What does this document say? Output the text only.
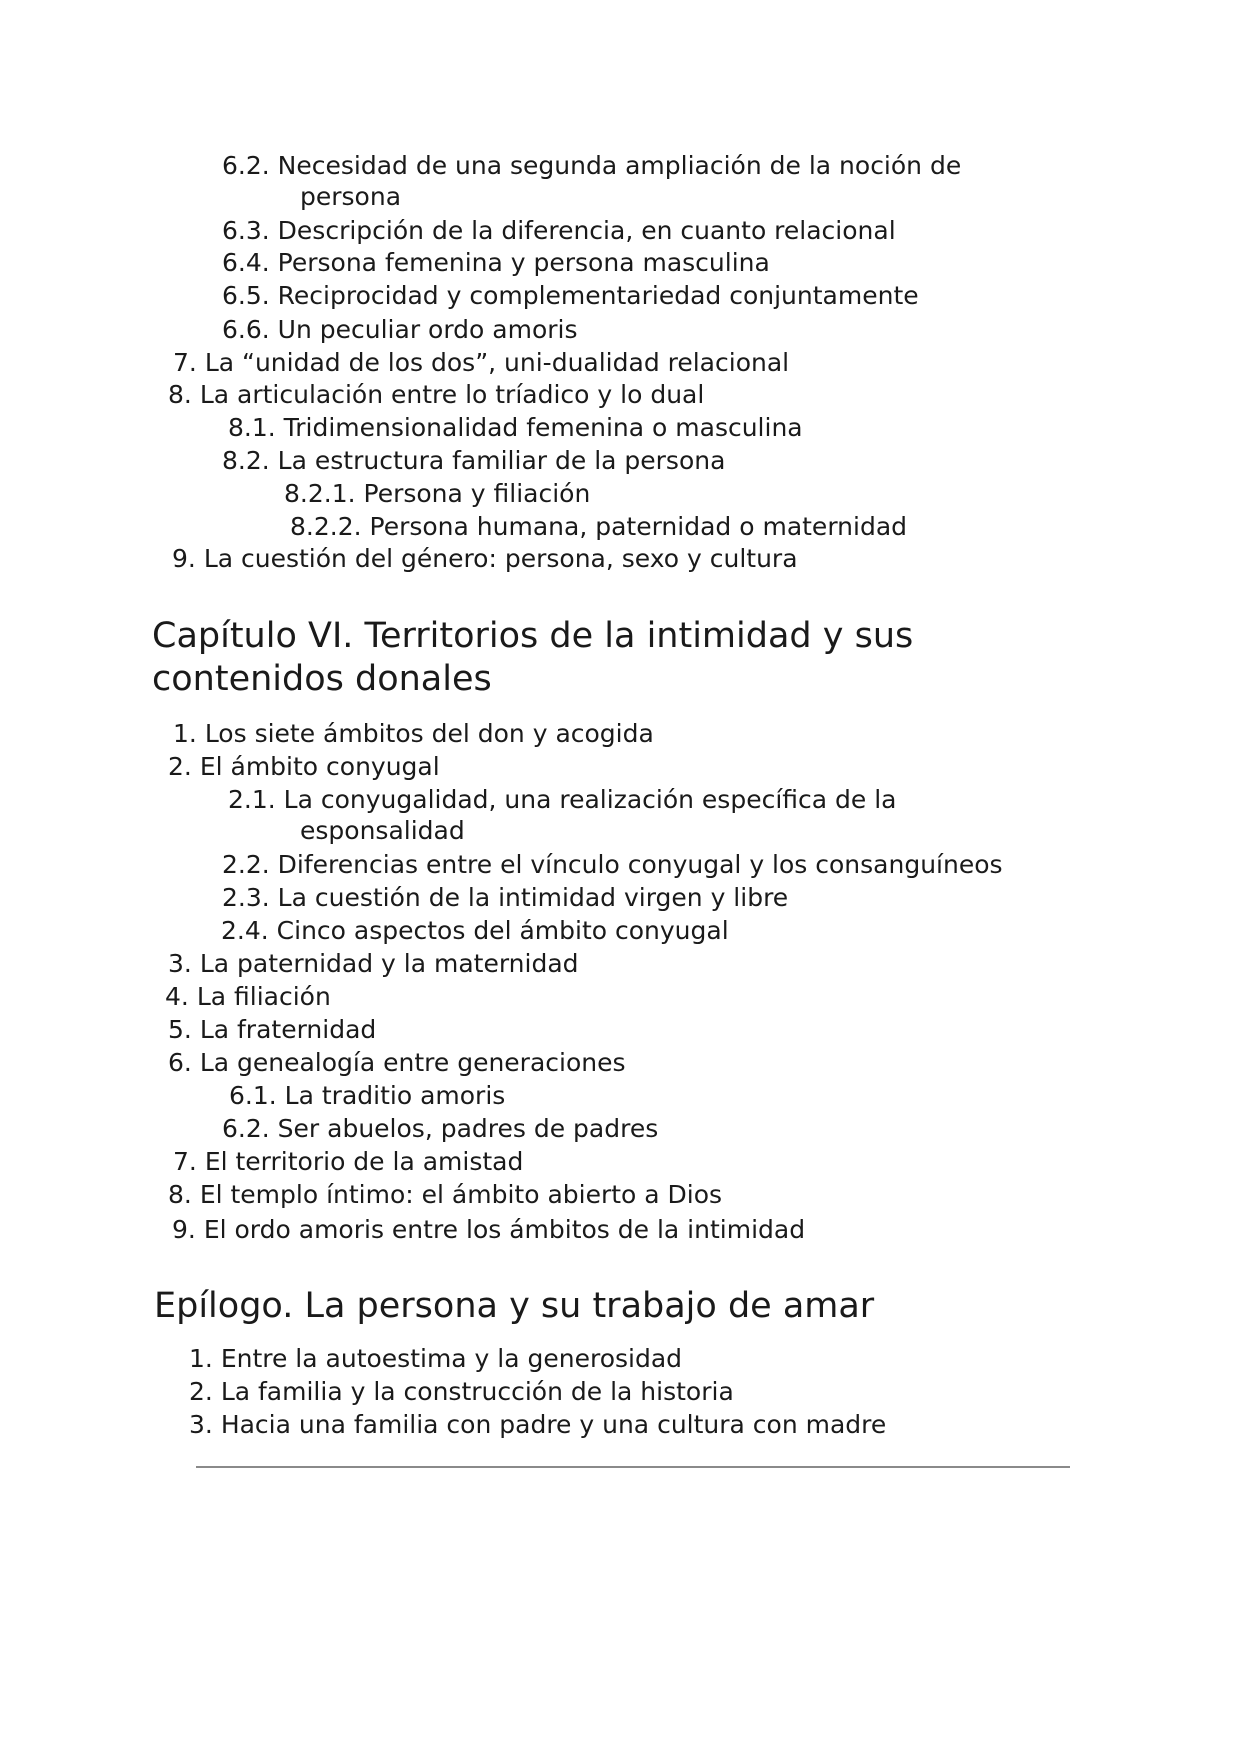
6.2. Necesidad de una segunda ampliación de la noción de
persona
6.3. Descripción de la diferencia, en cuanto relacional
6.4. Persona femenina y persona masculina
6.5. Reciprocidad y complementariedad conjuntamente
6.6. Un peculiar ordo amoris
7. La “unidad de los dos”, uni-dualidad relacional
8. La articulación entre lo tríadico y lo dual
8.1. Tridimensionalidad femenina o masculina
8.2. La estructura familiar de la persona
8.2.1. Persona y filiación
8.2.2. Persona humana, paternidad o maternidad
9. La cuestión del género: persona, sexo y cultura
Capítulo VI. Territorios de la intimidad y sus
contenidos donales
1. Los siete ámbitos del don y acogida
2. El ámbito conyugal
2.1. La conyugalidad, una realización específica de la
esponsalidad
2.2. Diferencias entre el vínculo conyugal y los consanguíneos
2.3. La cuestión de la intimidad virgen y libre
2.4. Cinco aspectos del ámbito conyugal
3. La paternidad y la maternidad
4. La filiación
5. La fraternidad
6. La genealogía entre generaciones
6.1. La traditio amoris
6.2. Ser abuelos, padres de padres
7. El territorio de la amistad
8. El templo íntimo: el ámbito abierto a Dios
9. El ordo amoris entre los ámbitos de la intimidad
Epílogo. La persona y su trabajo de amar
1. Entre la autoestima y la generosidad
2. La familia y la construcción de la historia
3. Hacia una familia con padre y una cultura con madre
